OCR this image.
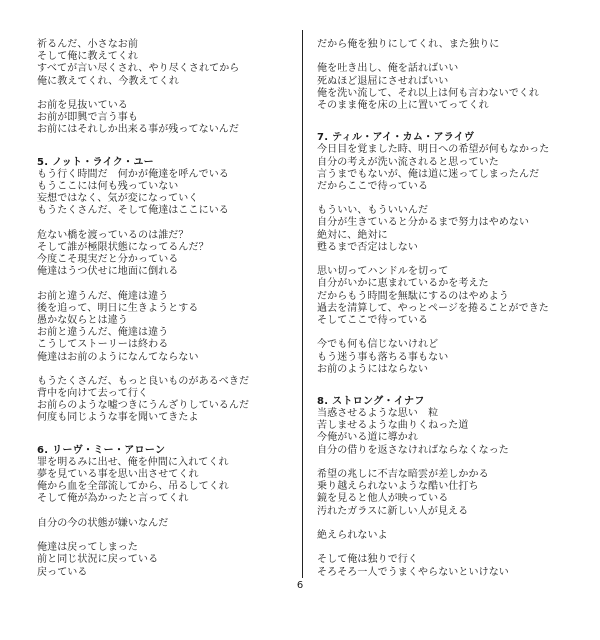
祈るんだ、小さなお前
そして俺に教えてくれ
すべてが言い尽くされ、やり尽くされてから
俺に教えてくれ、今教えてくれ
お前を見抜いている
お前が即興で言う事も
お前にはそれしか出来る事が残ってないんだ
5. ノット・ライク・ユー
もう行く時間だ　何かが俺達を呼んでいる
もうここには何も残っていない
妄想ではなく、気が変になっていく
もうたくさんだ、そして俺達はここにいる
危ない橋を渡っているのは誰だ？
そして誰が極限状態になってるんだ？
今度こそ現実だと分かっている
俺達はうつ伏せに地面に倒れる
お前と違うんだ、俺達は違う
後を追って、明日に生きようとする
愚かな奴らとは違う
お前と違うんだ、俺達は違う
こうしてストーリーは終わる
俺達はお前のようになんてならない
もうたくさんだ、もっと良いものがあるべきだ
背中を向けて去って行く
お前らのような嘘つきにうんざりしているんだ
何度も同じような事を聞いてきたよ
6. リーヴ・ミー・アローン
罪を明るみに出せ、俺を仲間に入れてくれ
夢を見ている事を思い出させてくれ
俺から血を全部流してから、吊るしてくれ
そして俺が為かったと言ってくれ
自分の今の状態が嫌いなんだ
俺達は戻ってしまった
前と同じ状況に戻っている
戻っている
だから俺を独りにしてくれ、また独りに
俺を吐き出し、俺を話ればいい
死ぬほど退屈にさせればいい
俺を洗い流して、それ以上は何も言わないでくれ
そのまま俺を床の上に置いてってくれ
7. ティル・アイ・カム・アライヴ
今日目を覚ました時、明日への希望が何もなかった
自分の考えが洗い流されると思っていた
言うまでもないが、俺は道に迷ってしまったんだ
だからここで待っている
もういい、もういいんだ
自分が生きていると分かるまで努力はやめない
絶対に、絶対に
甦るまで否定はしない
思い切ってハンドルを切って
自分がいかに恵まれているかを考えた
だからもう時間を無駄にするのはやめよう
過去を清算して、やっとページを捲ることができた
そしてここで待っている
今でも何も信じないけれど
もう迷う事も落ちる事もない
お前のようにはならない
8. ストロング・イナフ
当惑させるような思い　粒
苦しませるような曲りくねった道
今俺がいる道に導かれ
自分の借りを返さなければならなくなった
希望の兆しに不吉な暗雲が差しかかる
乗り越えられないような酷い仕打ち
鏡を見ると他人が映っている
汚れたガラスに新しい人が見える
絶えられないよ
そして俺は独りで行く
そろそろ一人でうまくやらないといけない
6
